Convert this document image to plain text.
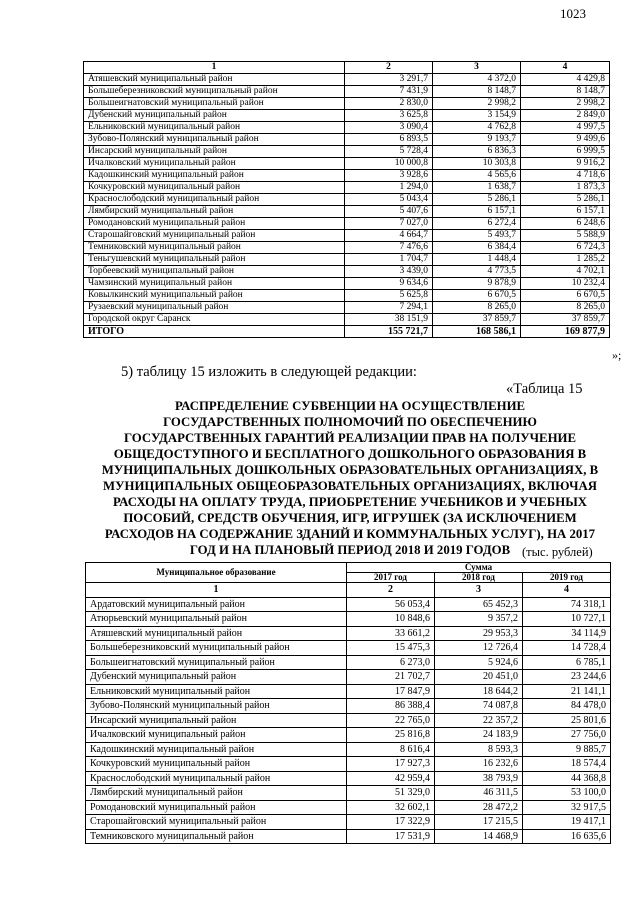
1023
1	2	3	4
Атяшевский муниципальный район	3 291,7	4 372,0	4 429,8
Большеберезниковский муниципальный район	7 431,9	8 148,7	8 148,7
Большеигнатовский муниципальный район	2 830,0	2 998,2	2 998,2
Дубенский муниципальный район	3 625,8	3 154,9	2 849,0
Ельниковский муниципальный район	3 090,4	4 762,8	4 997,5
Зубово-Полянский муниципальный район	6 893,5	9 193,7	9 499,6
Инсарский муниципальный район	5 728,4	6 836,3	6 999,5
Ичалковский муниципальный район	10 000,8	10 303,8	9 916,2
Кадошкинский муниципальный район	3 928,6	4 565,6	4 718,6
Кочкуровский муниципальный район	1 294,0	1 638,7	1 873,3
Краснослободский муниципальный район	5 043,4	5 286,1	5 286,1
Лямбирский муниципальный район	5 407,6	6 157,1	6 157,1
Ромодановский муниципальный район	7 027,0	6 272,4	6 248,6
Старошайговский муниципальный район	4 664,7	5 493,7	5 588,9
Темниковский муниципальный район	7 476,6	6 384,4	6 724,3
Теньгушевский муниципальный район	1 704,7	1 448,4	1 285,2
Торбеевский муниципальный район	3 439,0	4 773,5	4 702,1
Чамзинский муниципальный район	9 634,6	9 878,9	10 232,4
Ковылкинский муниципальный район	5 625,8	6 670,5	6 670,5
Рузаевский муниципальный район	7 294,1	8 265,0	8 265,0
Городской округ Саранск	38 151,9	37 859,7	37 859,7
ИТОГО	155 721,7	168 586,1	169 877,9
»;
5) таблицу 15 изложить в следующей редакции:
«Таблица 15
РАСПРЕДЕЛЕНИЕ СУБВЕНЦИИ НА ОСУЩЕСТВЛЕНИЕ
ГОСУДАРСТВЕННЫХ ПОЛНОМОЧИЙ ПО ОБЕСПЕЧЕНИЮ
ГОСУДАРСТВЕННЫХ ГАРАНТИЙ РЕАЛИЗАЦИИ ПРАВ НА ПОЛУЧЕНИЕ
ОБЩЕДОСТУПНОГО И БЕСПЛАТНОГО ДОШКОЛЬНОГО ОБРАЗОВАНИЯ В
МУНИЦИПАЛЬНЫХ ДОШКОЛЬНЫХ ОБРАЗОВАТЕЛЬНЫХ ОРГАНИЗАЦИЯХ, В
МУНИЦИПАЛЬНЫХ ОБЩЕОБРАЗОВАТЕЛЬНЫХ ОРГАНИЗАЦИЯХ, ВКЛЮЧАЯ
РАСХОДЫ НА ОПЛАТУ ТРУДА, ПРИОБРЕТЕНИЕ УЧЕБНИКОВ И УЧЕБНЫХ
ПОСОБИЙ, СРЕДСТВ ОБУЧЕНИЯ, ИГР, ИГРУШЕК (ЗА ИСКЛЮЧЕНИЕМ
РАСХОДОВ НА СОДЕРЖАНИЕ ЗДАНИЙ И КОММУНАЛЬНЫХ УСЛУГ), НА 2017
ГОД И НА ПЛАНОВЫЙ ПЕРИОД 2018 И 2019 ГОДОВ (тыс. рублей)
Муниципальное образование	Сумма		
	2017 год	2018 год	2019 год
1	2	3	4
Ардатовский муниципальный район	56 053,4	65 452,3	74 318,1
Атюрьевский муниципальный район	10 848,6	9 357,2	10 727,1
Атяшевский муниципальный район	33 661,2	29 953,3	34 114,9
Большеберезниковский муниципальный район	15 475,3	12 726,4	14 728,4
Большеигнатовский муниципальный район	6 273,0	5 924,6	6 785,1
Дубенский муниципальный район	21 702,7	20 451,0	23 244,6
Ельниковский муниципальный район	17 847,9	18 644,2	21 141,1
Зубово-Полянский муниципальный район	86 388,4	74 087,8	84 478,0
Инсарский муниципальный район	22 765,0	22 357,2	25 801,6
Ичалковский муниципальный район	25 816,8	24 183,9	27 756,0
Кадошкинский муниципальный район	8 616,4	8 593,3	9 885,7
Кочкуровский муниципальный район	17 927,3	16 232,6	18 574,4
Краснослободский муниципальный район	42 959,4	38 793,9	44 368,8
Лямбирский муниципальный район	51 329,0	46 311,5	53 100,0
Ромодановский муниципальный район	32 602,1	28 472,2	32 917,5
Старошайговский муниципальный район	17 322,9	17 215,5	19 417,1
Темниковского муниципальный район	17 531,9	14 468,9	16 635,6
